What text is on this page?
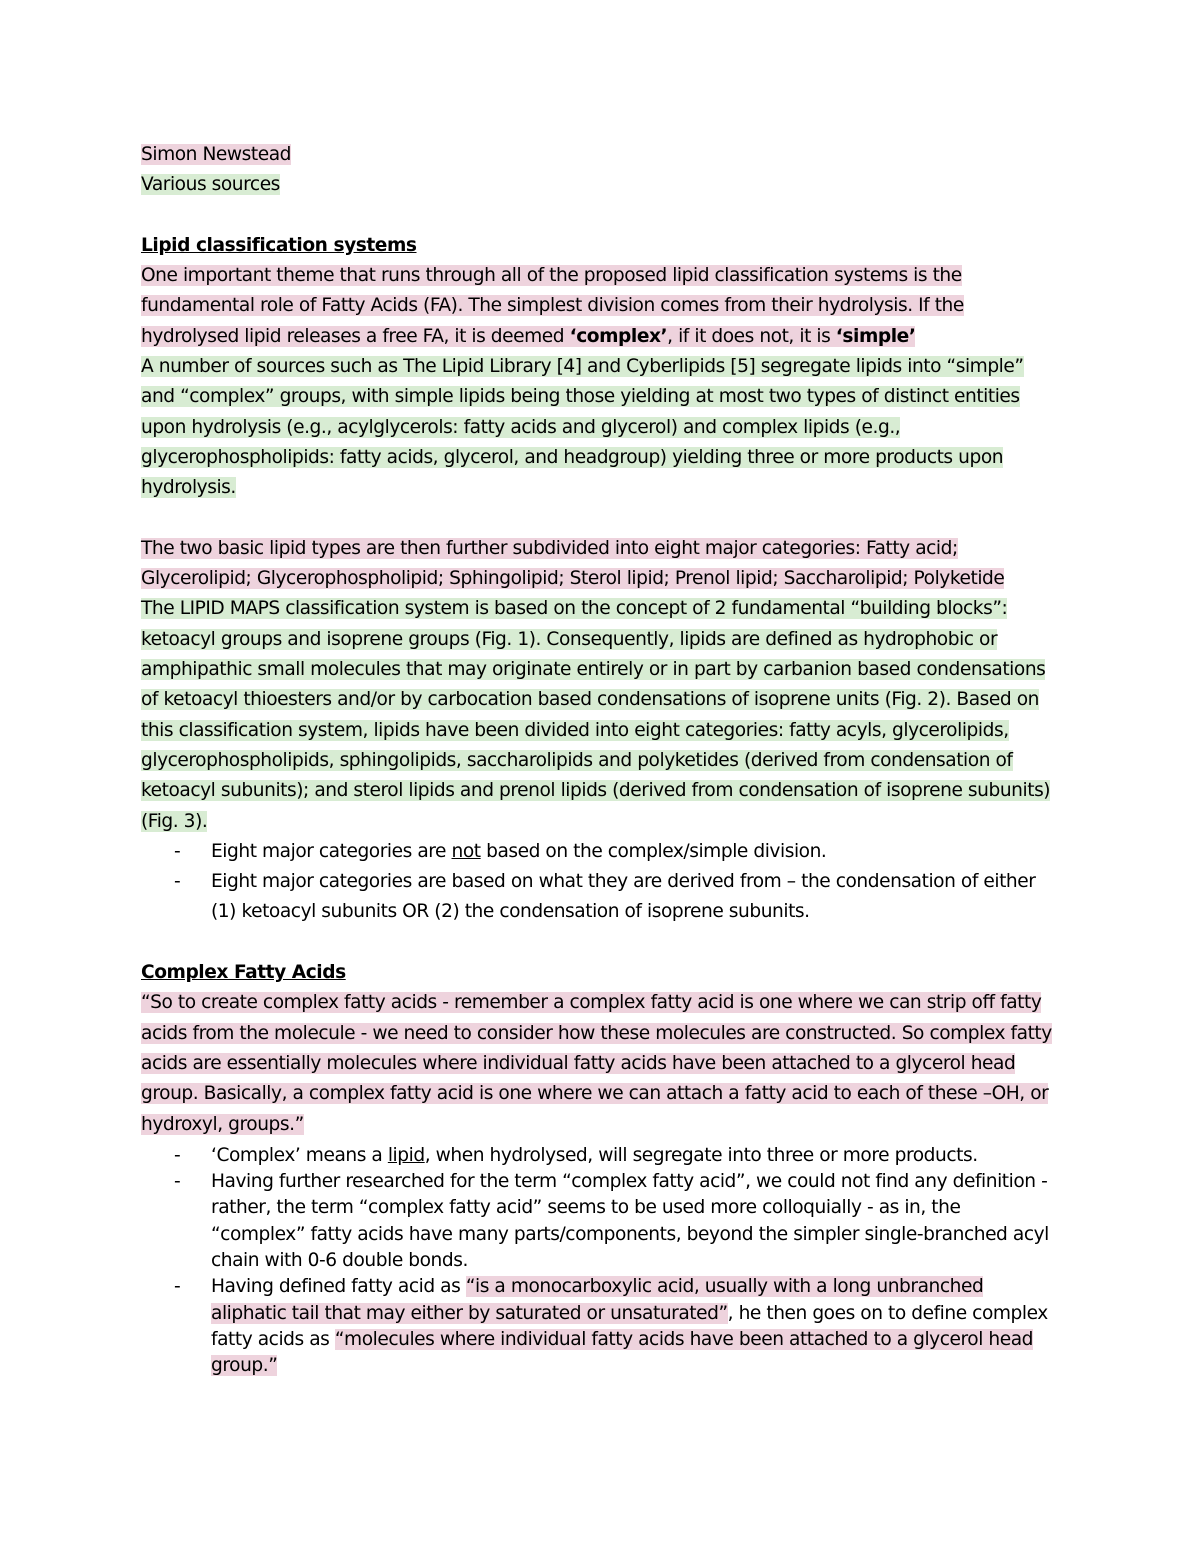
Simon Newstead
Various sources
Lipid classification systems

One important theme that runs through all of the proposed lipid classification systems is the fundamental role of Fatty Acids (FA). The simplest division comes from their hydrolysis. If the hydrolysed lipid releases a free FA, it is deemed ‘complex’, if it does not, it is ‘simple’

A number of sources such as The Lipid Library [4] and Cyberlipids [5] segregate lipids into “simple” and “complex” groups, with simple lipids being those yielding at most two types of distinct entities upon hydrolysis (e.g., acylglycerols: fatty acids and glycerol) and complex lipids (e.g., glycerophospholipids: fatty acids, glycerol, and headgroup) yielding three or more products upon hydrolysis.

The two basic lipid types are then further subdivided into eight major categories: Fatty acid; Glycerolipid; Glycerophospholipid; Sphingolipid; Sterol lipid; Prenol lipid; Saccharolipid; Polyketide

The LIPID MAPS classification system is based on the concept of 2 fundamental “building blocks”: ketoacyl groups and isoprene groups (Fig. 1). Consequently, lipids are defined as hydrophobic or amphipathic small molecules that may originate entirely or in part by carbanion based condensations of ketoacyl thioesters and/or by carbocation based condensations of isoprene units (Fig. 2). Based on this classification system, lipids have been divided into eight categories: fatty acyls, glycerolipids, glycerophospholipids, sphingolipids, saccharolipids and polyketides (derived from condensation of ketoacyl subunits); and sterol lipids and prenol lipids (derived from condensation of isoprene subunits) (Fig. 3).

- Eight major categories are not based on the complex/simple division.
- Eight major categories are based on what they are derived from – the condensation of either (1) ketoacyl subunits OR (2) the condensation of isoprene subunits.
Complex Fatty Acids

“So to create complex fatty acids - remember a complex fatty acid is one where we can strip off fatty acids from the molecule - we need to consider how these molecules are constructed. So complex fatty acids are essentially molecules where individual fatty acids have been attached to a glycerol head group. Basically, a complex fatty acid is one where we can attach a fatty acid to each of these –OH, or hydroxyl, groups.”

- ‘Complex’ means a lipid, when hydrolysed, will segregate into three or more products.
- Having further researched for the term “complex fatty acid”, we could not find any definition - rather, the term “complex fatty acid” seems to be used more colloquially - as in, the “complex” fatty acids have many parts/components, beyond the simpler single-branched acyl chain with 0-6 double bonds.
- Having defined fatty acid as “is a monocarboxylic acid, usually with a long unbranched aliphatic tail that may either by saturated or unsaturated”, he then goes on to define complex fatty acids as “molecules where individual fatty acids have been attached to a glycerol head group.”
